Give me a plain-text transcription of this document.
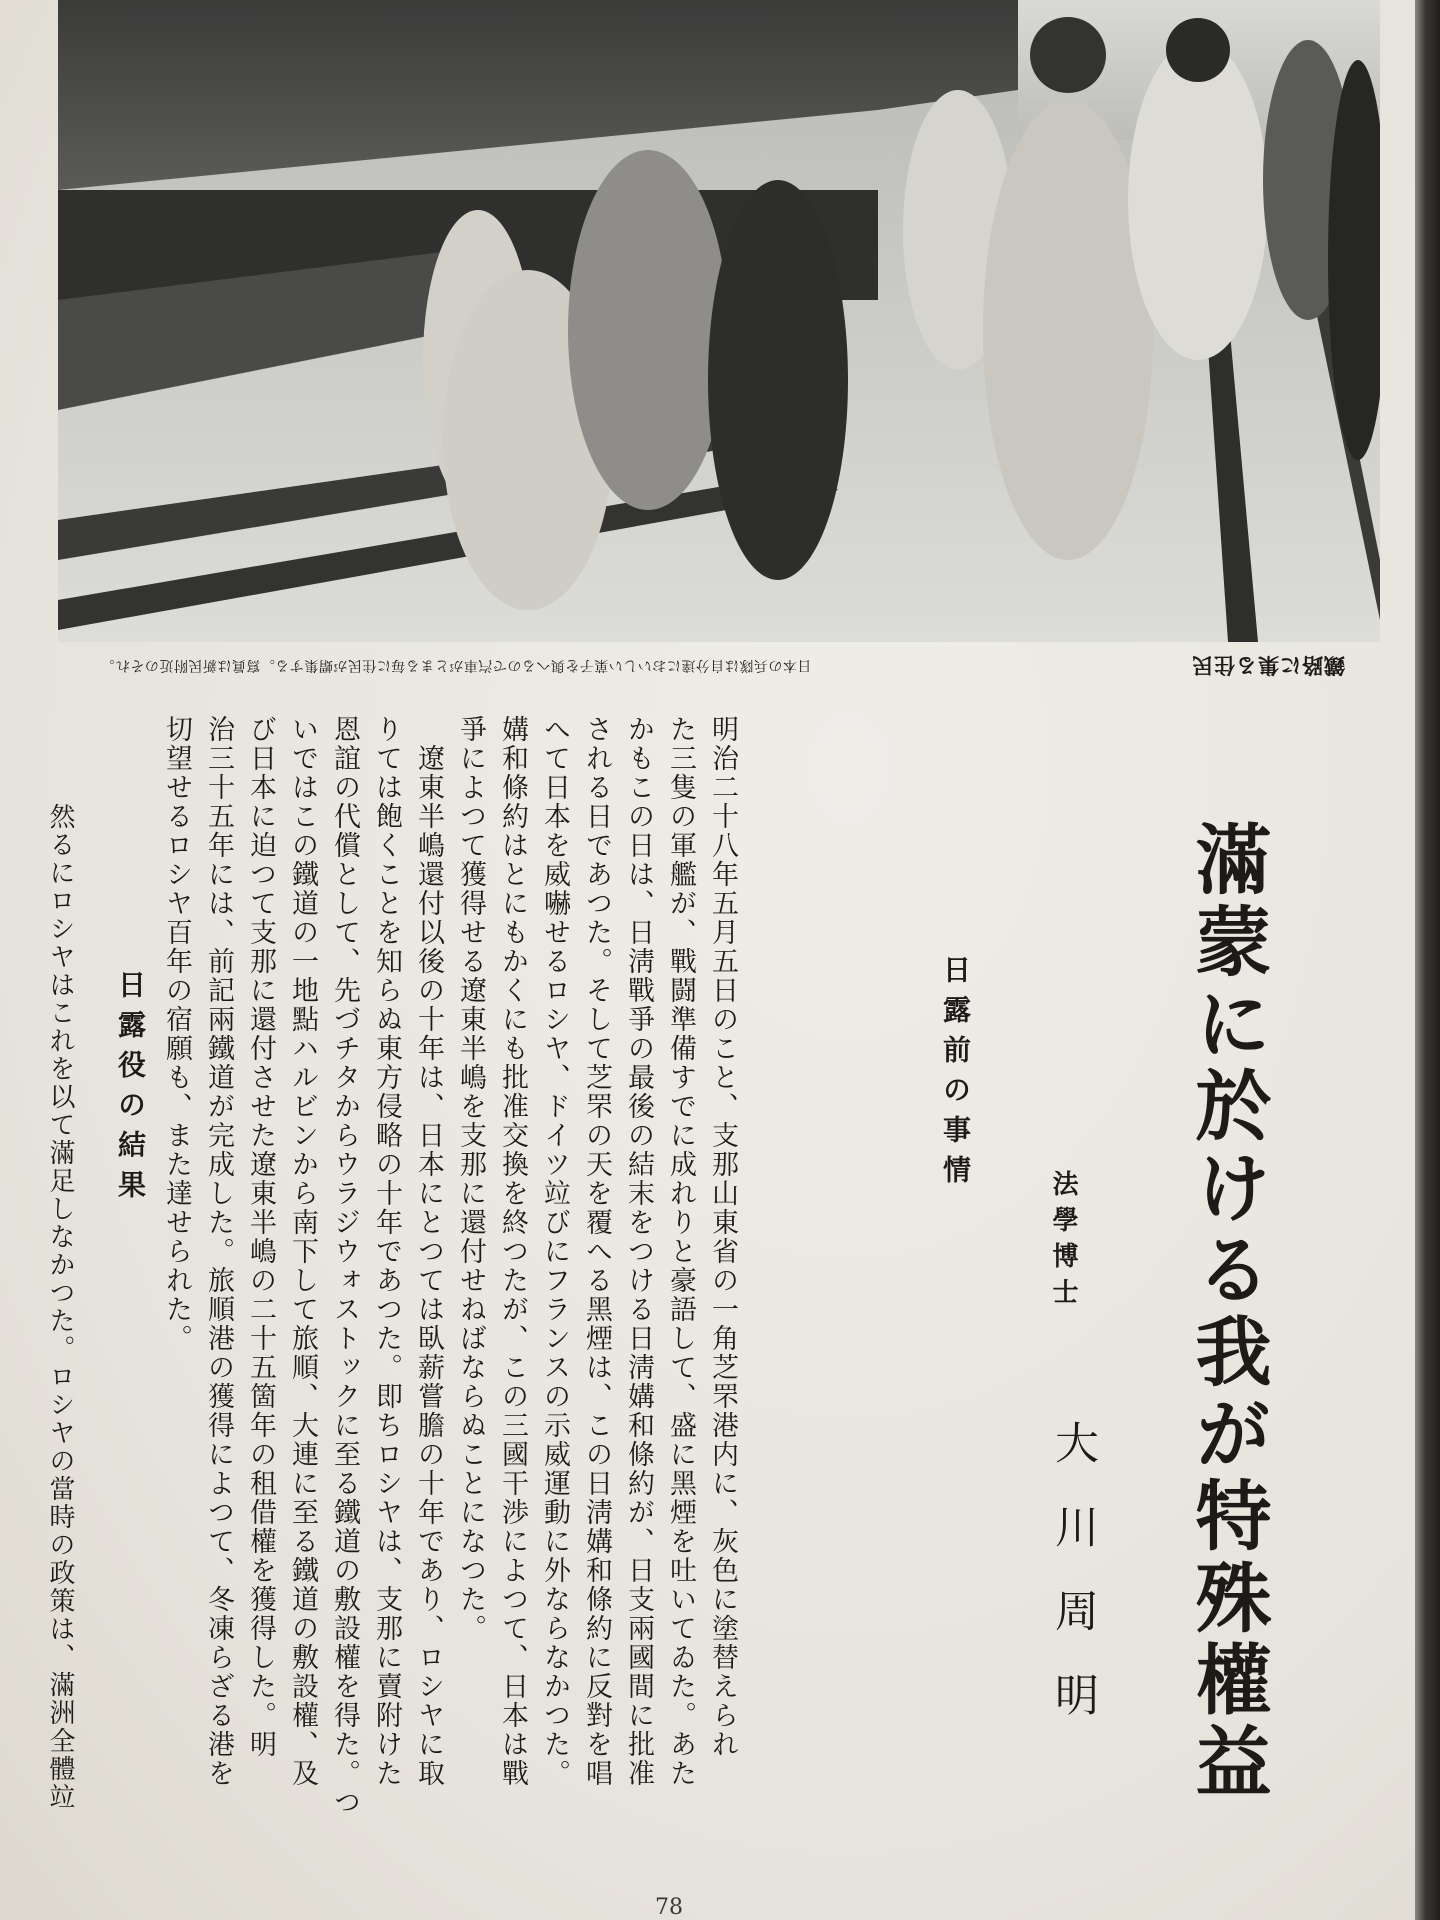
日本の兵隊は自分達においしい菓子を與へるので汽車がとまる毎に住民が蝟集する。寫眞は新民附近のそれ。	鐵路に集る住民
滿蒙に於ける我が特殊權益
法學博士
大川周明
日露前の事情

明治二十八年五月五日のこと、支那山東省の一角芝罘港内に、灰色に塗替えられ

た三隻の軍艦が、戰闘準備すでに成れりと豪語して、盛に黑煙を吐いてゐた。あた

かもこの日は、日淸戰爭の最後の結末をつける日淸媾和條約が、日支兩國間に批准

される日であつた。そして芝罘の天を覆へる黑煙は、この日淸媾和條約に反對を唱

へて日本を威嚇せるロシヤ、ドイツ竝びにフランスの示威運動に外ならなかつた。

媾和條約はとにもかくにも批准交換を終つたが、この三國干渉によつて、日本は戰

爭によつて獲得せる遼東半嶋を支那に還付せねばならぬことになつた。

　遼東半嶋還付以後の十年は、日本にとつては臥薪嘗膽の十年であり、ロシヤに取

りては飽くことを知らぬ東方侵略の十年であつた。即ちロシヤは、支那に賣附けた

恩誼の代償として、先づチタからウラジウォストックに至る鐵道の敷設權を得た。つ

いではこの鐵道の一地點ハルビンから南下して旅順、大連に至る鐵道の敷設權、及

び日本に迫つて支那に還付させた遼東半嶋の二十五箇年の租借權を獲得した。明

治三十五年には、前記兩鐵道が完成した。旅順港の獲得によつて、冬凍らざる港を

切望せるロシヤ百年の宿願も、また達せられた。

日露役の結果
　然るにロシヤはこれを以て滿足しなかつた。ロシヤの當時の政策は、滿洲全體竝
78
